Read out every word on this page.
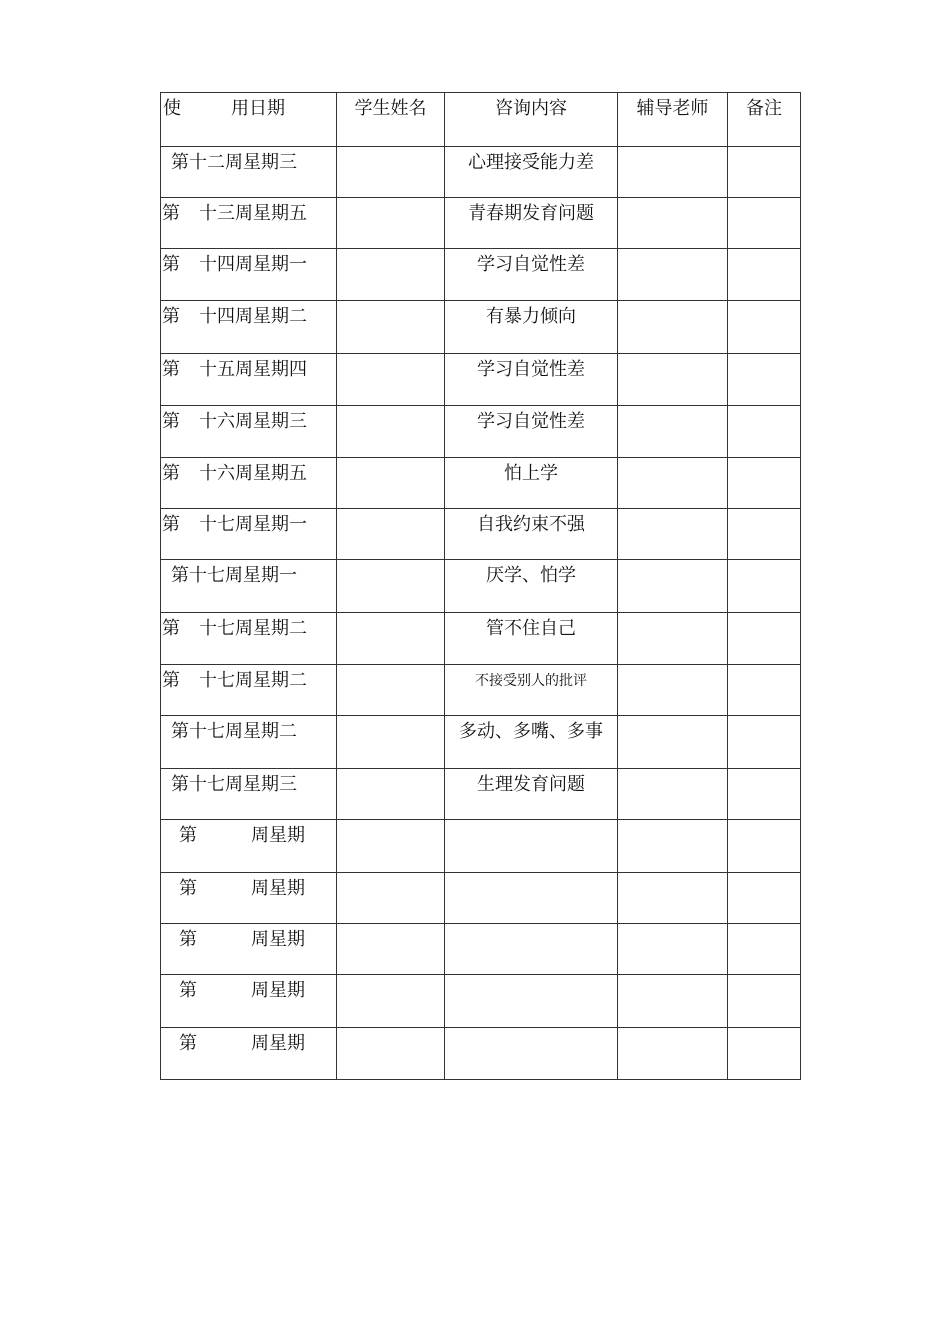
使 用日期	学生姓名	咨询内容	辅导老师	备注
第十二周星期三		心理接受能力差		
第 十三周星期五		青春期发育问题		
第 十四周星期一		学习自觉性差		
第 十四周星期二		有暴力倾向		
第 十五周星期四		学习自觉性差		
第 十六周星期三		学习自觉性差		
第 十六周星期五		怕上学		
第 十七周星期一		自我约束不强		
第十七周星期一		厌学、怕学		
第 十七周星期二		管不住自己		
第 十七周星期二		不接受别人的批评		
第十七周星期二		多动、多嘴、多事		
第十七周星期三		生理发育问题		
第 周星期				
第 周星期				
第 周星期				
第 周星期				
第 周星期				
